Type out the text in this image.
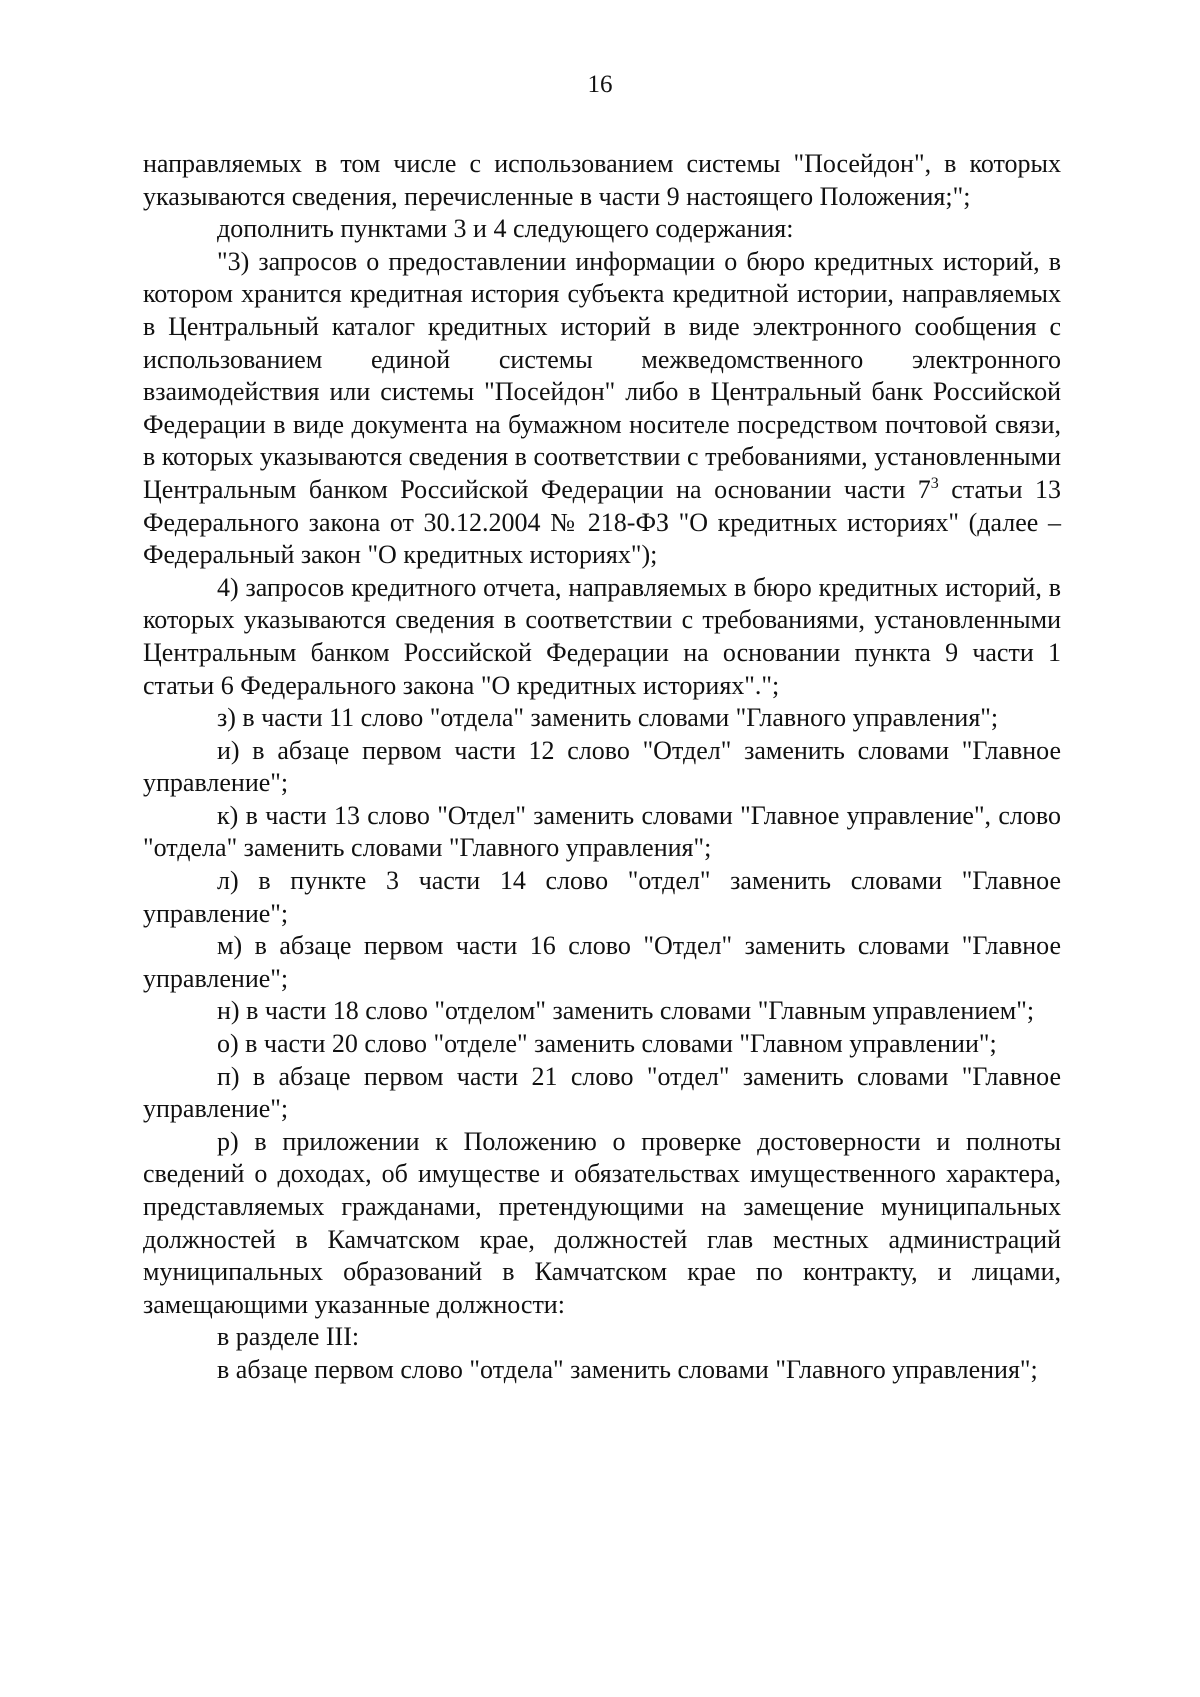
16

направляемых в том числе с использованием системы "Посейдон", в которых указываются сведения, перечисленные в части 9 настоящего Положения;";

дополнить пунктами 3 и 4 следующего содержания:

"3) запросов о предоставлении информации о бюро кредитных историй, в котором хранится кредитная история субъекта кредитной истории, направляемых в Центральный каталог кредитных историй в виде электронного сообщения с использованием единой системы межведомственного электронного взаимодействия или системы "Посейдон" либо в Центральный банк Российской Федерации в виде документа на бумажном носителе посредством почтовой связи, в которых указываются сведения в соответствии с требованиями, установленными Центральным банком Российской Федерации на основании части $7^3$ статьи 13 Федерального закона от 30.12.2004 № 218-ФЗ "О кредитных историях" (далее – Федеральный закон "О кредитных историях");

4) запросов кредитного отчета, направляемых в бюро кредитных историй, в которых указываются сведения в соответствии с требованиями, установленными Центральным банком Российской Федерации на основании пункта 9 части 1 статьи 6 Федерального закона "О кредитных историях".";

з) в части 11 слово "отдела" заменить словами "Главного управления";

и) в абзаце первом части 12 слово "Отдел" заменить словами "Главное управление";

к) в части 13 слово "Отдел" заменить словами "Главное управление", слово "отдела" заменить словами "Главного управления";

л) в пункте 3 части 14 слово "отдел" заменить словами "Главное управление";

м) в абзаце первом части 16 слово "Отдел" заменить словами "Главное управление";

н) в части 18 слово "отделом" заменить словами "Главным управлением";

о) в части 20 слово "отделе" заменить словами "Главном управлении";

п) в абзаце первом части 21 слово "отдел" заменить словами "Главное управление";

р) в приложении к Положению о проверке достоверности и полноты сведений о доходах, об имуществе и обязательствах имущественного характера, представляемых гражданами, претендующими на замещение муниципальных должностей в Камчатском крае, должностей глав местных администраций муниципальных образований в Камчатском крае по контракту, и лицами, замещающими указанные должности:

в разделе III:

в абзаце первом слово "отдела" заменить словами "Главного управления";
